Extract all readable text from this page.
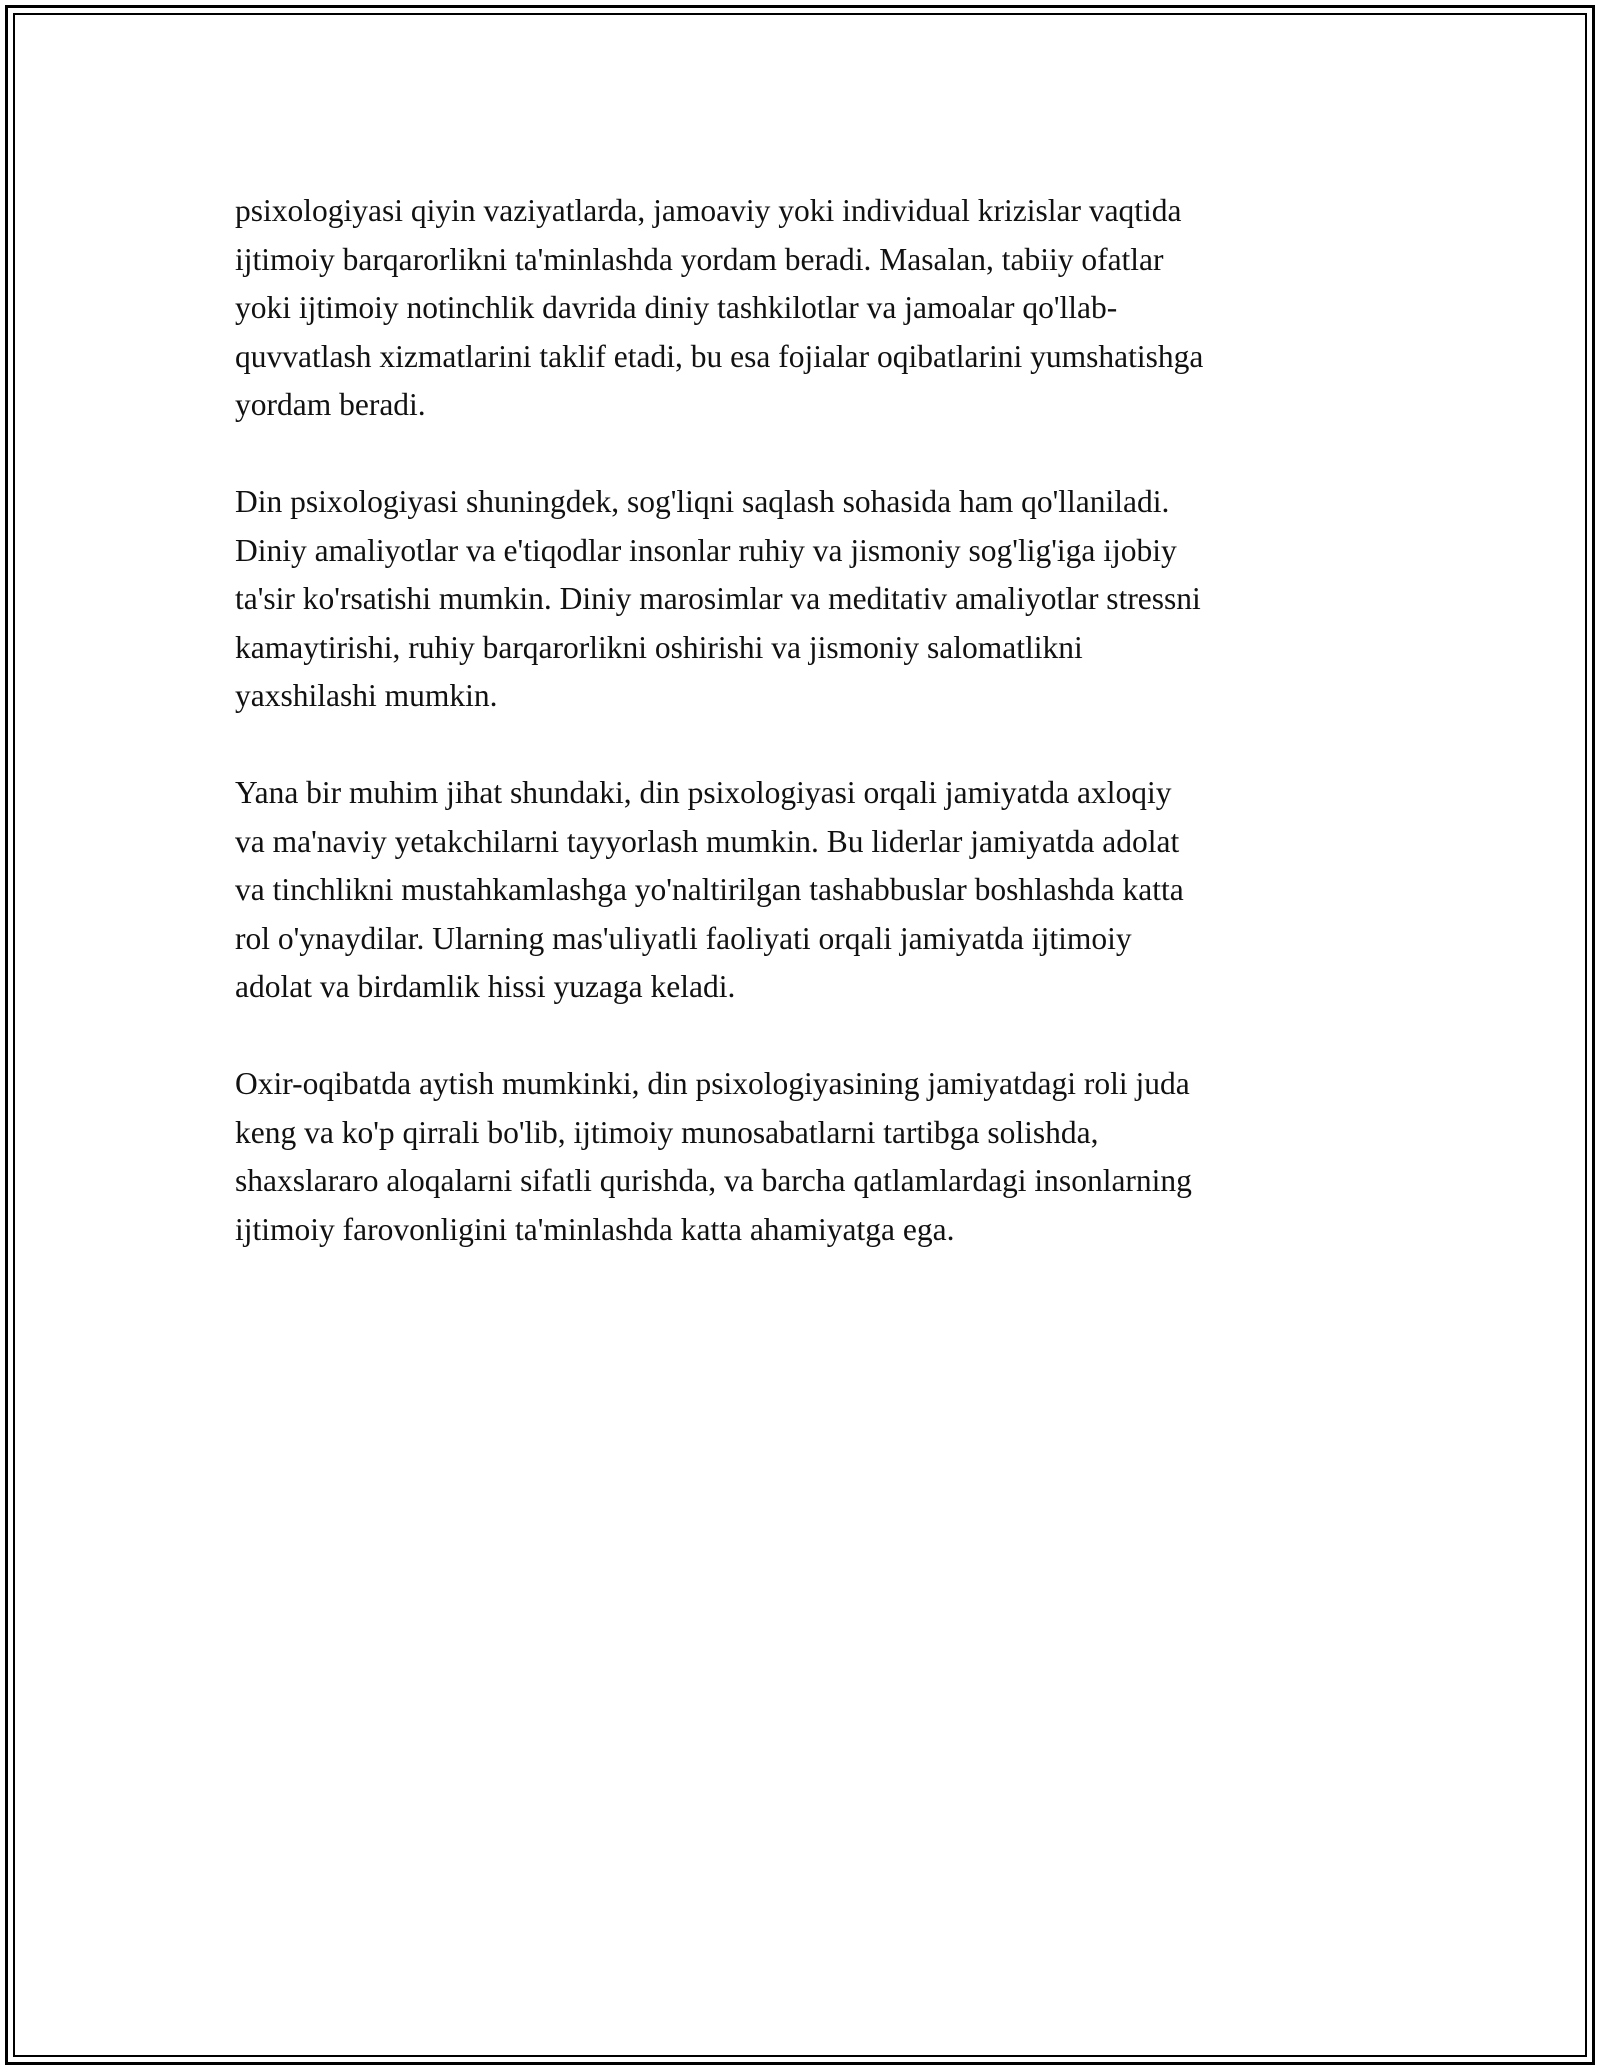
psixologiyasi qiyin vaziyatlarda, jamoaviy yoki individual krizislar vaqtida
ijtimoiy barqarorlikni ta'minlashda yordam beradi. Masalan, tabiiy ofatlar
yoki ijtimoiy notinchlik davrida diniy tashkilotlar va jamoalar qo'llab-
quvvatlash xizmatlarini taklif etadi, bu esa fojialar oqibatlarini yumshatishga
yordam beradi.

Din psixologiyasi shuningdek, sog'liqni saqlash sohasida ham qo'llaniladi.
Diniy amaliyotlar va e'tiqodlar insonlar ruhiy va jismoniy sog'lig'iga ijobiy
ta'sir ko'rsatishi mumkin. Diniy marosimlar va meditativ amaliyotlar stressni
kamaytirishi, ruhiy barqarorlikni oshirishi va jismoniy salomatlikni
yaxshilashi mumkin.

Yana bir muhim jihat shundaki, din psixologiyasi orqali jamiyatda axloqiy
va ma'naviy yetakchilarni tayyorlash mumkin. Bu liderlar jamiyatda adolat
va tinchlikni mustahkamlashga yo'naltirilgan tashabbuslar boshlashda katta
rol o'ynaydilar. Ularning mas'uliyatli faoliyati orqali jamiyatda ijtimoiy
adolat va birdamlik hissi yuzaga keladi.

Oxir-oqibatda aytish mumkinki, din psixologiyasining jamiyatdagi roli juda
keng va ko'p qirrali bo'lib, ijtimoiy munosabatlarni tartibga solishda,
shaxslararo aloqalarni sifatli qurishda, va barcha qatlamlardagi insonlarning
ijtimoiy farovonligini ta'minlashda katta ahamiyatga ega.
